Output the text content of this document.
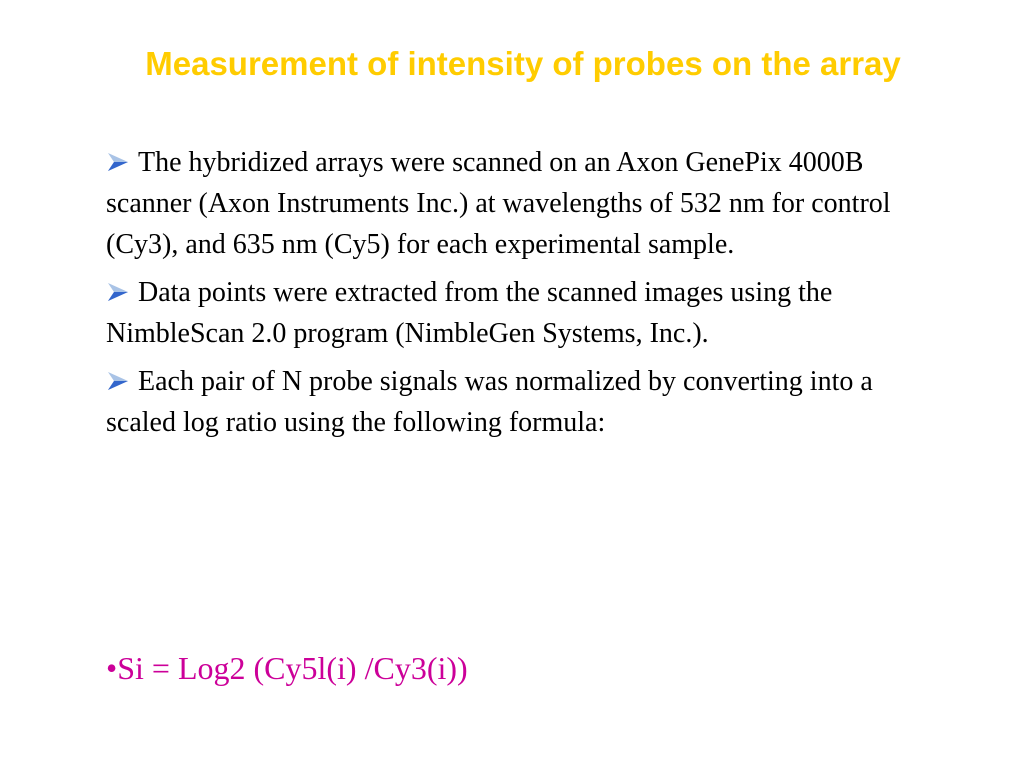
Measurement of intensity of probes on the array
The hybridized arrays were scanned on an Axon GenePix 4000B scanner (Axon Instruments Inc.) at wavelengths of 532 nm for control (Cy3), and 635 nm (Cy5) for each experimental sample.
Data points were extracted from the scanned images using the NimbleScan 2.0 program (NimbleGen Systems, Inc.).
Each pair of N probe signals was normalized by converting into a scaled log ratio using the following formula:
•Si = Log2 (Cy5l(i) /Cy3(i))
